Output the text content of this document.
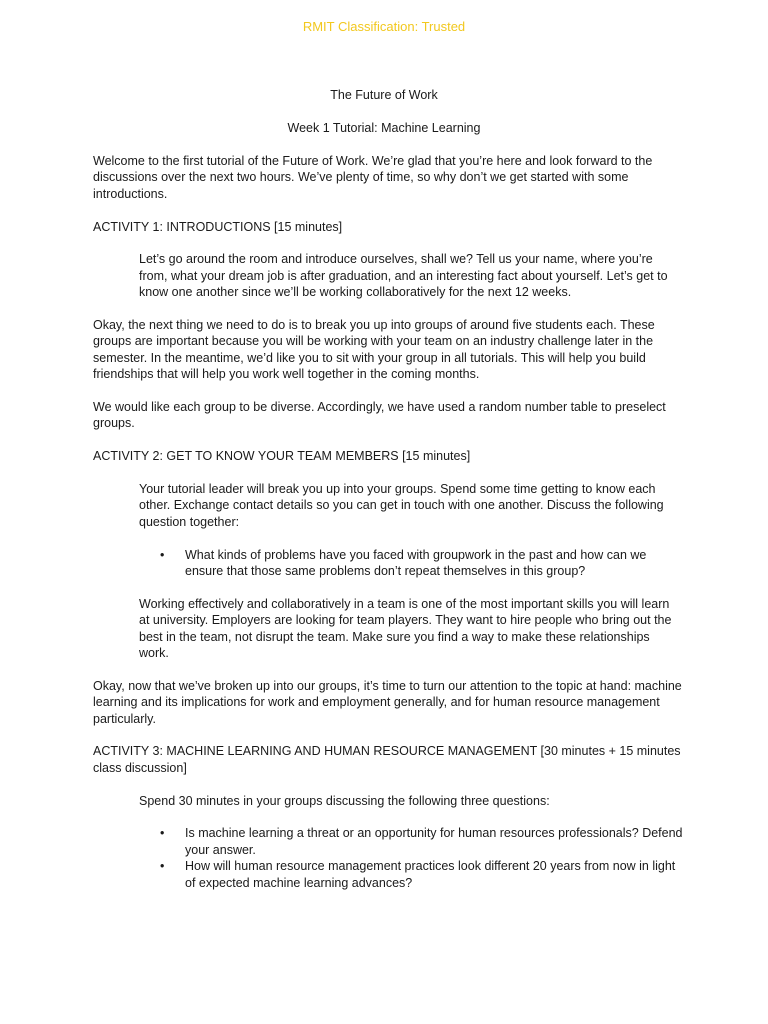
RMIT Classification: Trusted
The Future of Work
Week 1 Tutorial: Machine Learning

Welcome to the first tutorial of the Future of Work. We’re glad that you’re here and look forward to the discussions over the next two hours. We’ve plenty of time, so why don’t we get started with some introductions.

ACTIVITY 1: INTRODUCTIONS [15 minutes]

Let’s go around the room and introduce ourselves, shall we? Tell us your name, where you’re from, what your dream job is after graduation, and an interesting fact about yourself. Let’s get to know one another since we’ll be working collaboratively for the next 12 weeks.

Okay, the next thing we need to do is to break you up into groups of around five students each. These groups are important because you will be working with your team on an industry challenge later in the semester. In the meantime, we’d like you to sit with your group in all tutorials. This will help you build friendships that will help you work well together in the coming months.

We would like each group to be diverse. Accordingly, we have used a random number table to preselect groups.

ACTIVITY 2: GET TO KNOW YOUR TEAM MEMBERS [15 minutes]

Your tutorial leader will break you up into your groups. Spend some time getting to know each other. Exchange contact details so you can get in touch with one another. Discuss the following question together:

• What kinds of problems have you faced with groupwork in the past and how can we ensure that those same problems don’t repeat themselves in this group?

Working effectively and collaboratively in a team is one of the most important skills you will learn at university. Employers are looking for team players. They want to hire people who bring out the best in the team, not disrupt the team. Make sure you find a way to make these relationships work.

Okay, now that we’ve broken up into our groups, it’s time to turn our attention to the topic at hand: machine learning and its implications for work and employment generally, and for human resource management particularly.

ACTIVITY 3: MACHINE LEARNING AND HUMAN RESOURCE MANAGEMENT [30 minutes + 15 minutes class discussion]

Spend 30 minutes in your groups discussing the following three questions:

• Is machine learning a threat or an opportunity for human resources professionals? Defend your answer.
• How will human resource management practices look different 20 years from now in light of expected machine learning advances?
